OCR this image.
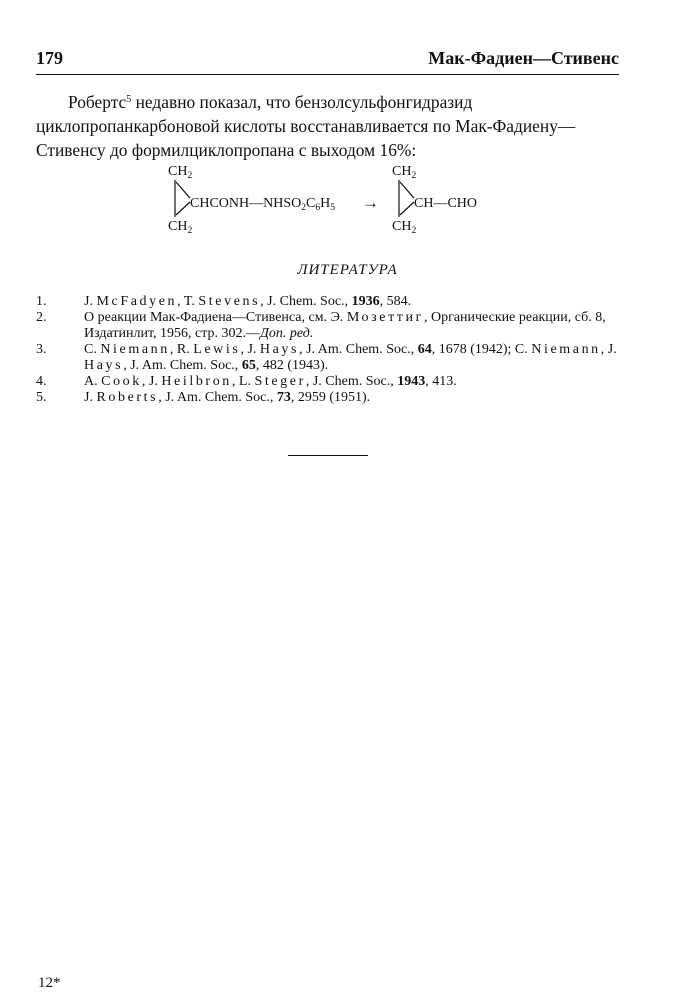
179	Мак-Фадиен—Стивенс

Робертс$^5$ недавно показал, что бензолсульфонгидразид циклопропанкарбоновой кислоты восстанавливается по Мак-Фадиену—Стивенсу до формилциклопропана с выходом 16%:

$CH_2$
$CHCONH—NHSO_2C_6H_5$
$CH_2$
→
$CH_2$
CH—CHO
$CH_2$
ЛИТЕРАТУРА
1.	J. McFadyen, T. Stevens, J. Chem. Soc., 1936, 584.
2.	О реакции Мак-Фадиена—Стивенса, см. Э. Мозеттиг, Органические реакции, сб. 8, Издатинлит, 1956, стр. 302.—Доп. ред.
3.	C. Niemann, R. Lewis, J. Hays, J. Am. Chem. Soc., 64, 1678 (1942); C. Niemann, J. Hays, J. Am. Chem. Soc., 65, 482 (1943).
4.	A. Cook, J. Heilbron, L. Steger, J. Chem. Soc., 1943, 413.
5.	J. Roberts, J. Am. Chem. Soc., 73, 2959 (1951).
12*
